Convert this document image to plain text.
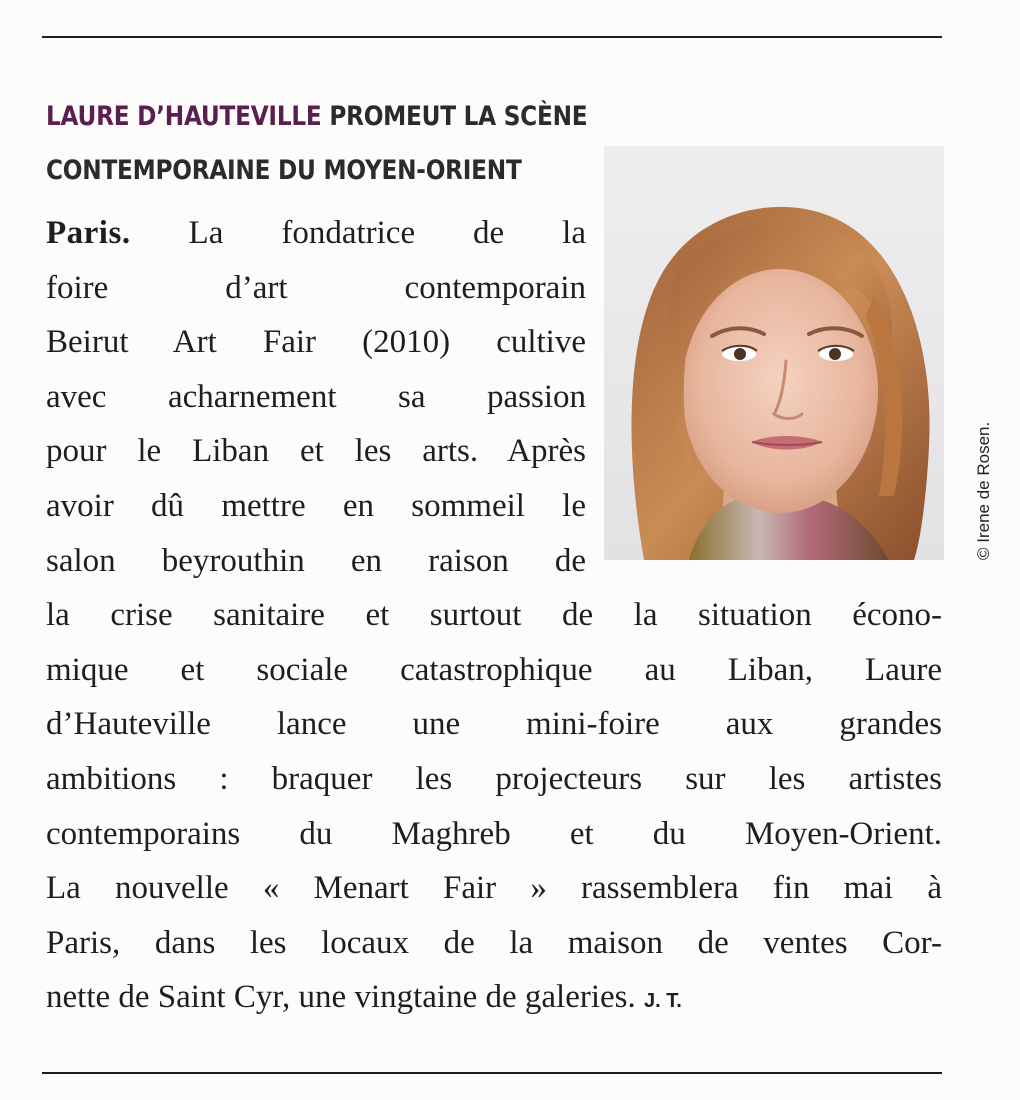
LAURE D’HAUTEVILLE PROMEUT LA SCÈNE
CONTEMPORAINE DU MOYEN-ORIENT
© Irene de Rosen.

Paris. La fondatrice de la
foire d’art contemporain
Beirut Art Fair (2010) cultive
avec acharnement sa passion
pour le Liban et les arts. Après
avoir dû mettre en sommeil le
salon beyrouthin en raison de
la crise sanitaire et surtout de la situation écono-
mique et sociale catastrophique au Liban, Laure
d’Hauteville lance une mini-foire aux grandes
ambitions : braquer les projecteurs sur les artistes
contemporains du Maghreb et du Moyen-Orient.
La nouvelle « Menart Fair » rassemblera fin mai à
Paris, dans les locaux de la maison de ventes Cor-
nette de Saint Cyr, une vingtaine de galeries. J. T.
